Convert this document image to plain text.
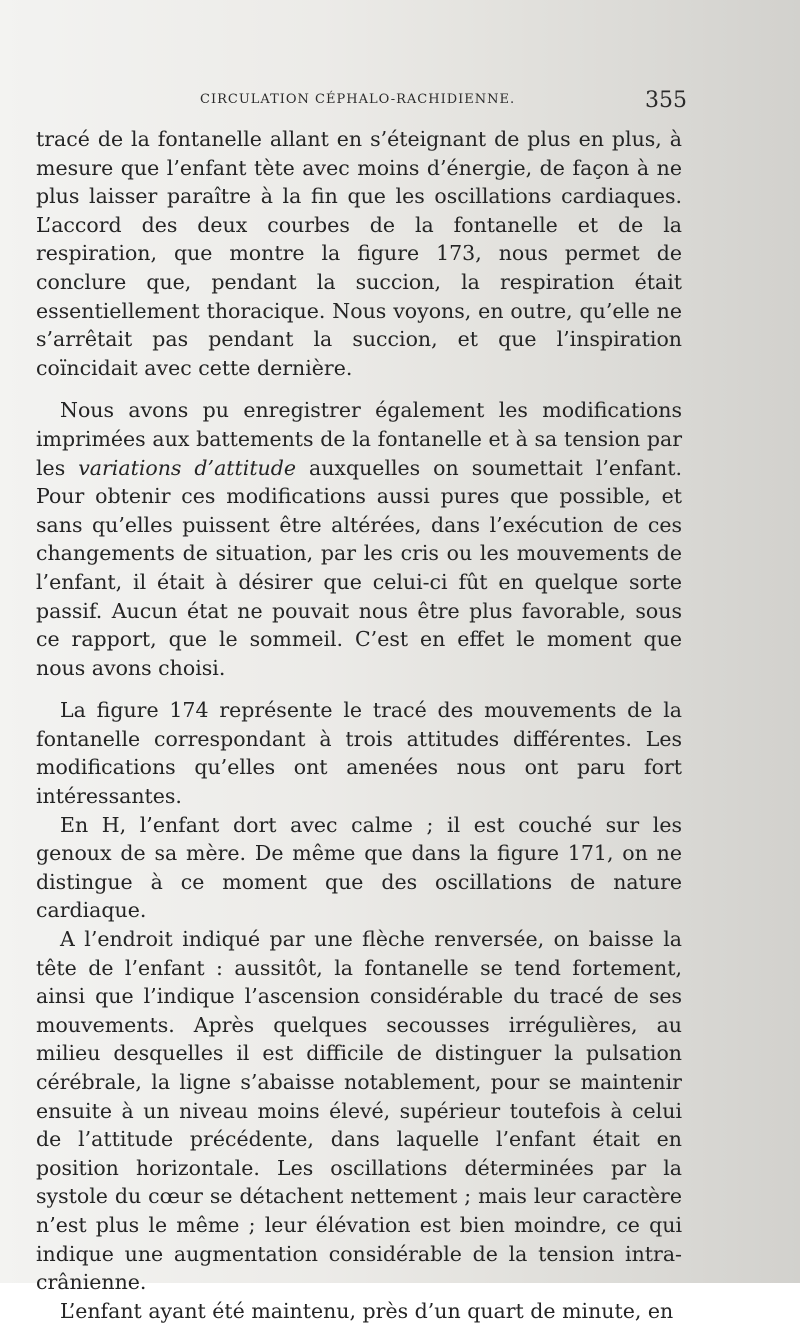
CIRCULATION CÉPHALO-RACHIDIENNE.	355

tracé de la fontanelle allant en s’éteignant de plus en plus, à mesure que l’enfant tète avec moins d’énergie, de façon à ne plus laisser paraître à la fin que les oscillations cardiaques. L’accord des deux courbes de la fontanelle et de la respiration, que montre la figure 173, nous permet de conclure que, pendant la succion, la respiration était essentiellement thoracique. Nous voyons, en outre, qu’elle ne s’arrêtait pas pendant la succion, et que l’inspiration coïncidait avec cette dernière.

Nous avons pu enregistrer également les modifications imprimées aux battements de la fontanelle et à sa tension par les variations d’attitude auxquelles on soumettait l’enfant. Pour obtenir ces modifications aussi pures que possible, et sans qu’elles puissent être altérées, dans l’exécution de ces changements de situation, par les cris ou les mouvements de l’enfant, il était à désirer que celui-ci fût en quelque sorte passif. Aucun état ne pouvait nous être plus favorable, sous ce rapport, que le sommeil. C’est en effet le moment que nous avons choisi.

La figure 174 représente le tracé des mouvements de la fontanelle correspondant à trois attitudes différentes. Les modifications qu’elles ont amenées nous ont paru fort intéressantes.

En H, l’enfant dort avec calme ; il est couché sur les genoux de sa mère. De même que dans la figure 171, on ne distingue à ce moment que des oscillations de nature cardiaque.

A l’endroit indiqué par une flèche renversée, on baisse la tête de l’enfant : aussitôt, la fontanelle se tend fortement, ainsi que l’indique l’ascension considérable du tracé de ses mouvements. Après quelques secousses irrégulières, au milieu desquelles il est difficile de distinguer la pulsation cérébrale, la ligne s’abaisse notablement, pour se maintenir ensuite à un niveau moins élevé, supérieur toutefois à celui de l’attitude précédente, dans laquelle l’enfant était en position horizontale. Les oscillations déterminées par la systole du cœur se détachent nettement ; mais leur caractère n’est plus le même ; leur élévation est bien moindre, ce qui indique une augmentation considérable de la tension intra-crânienne.

L’enfant ayant été maintenu, près d’un quart de minute, en
